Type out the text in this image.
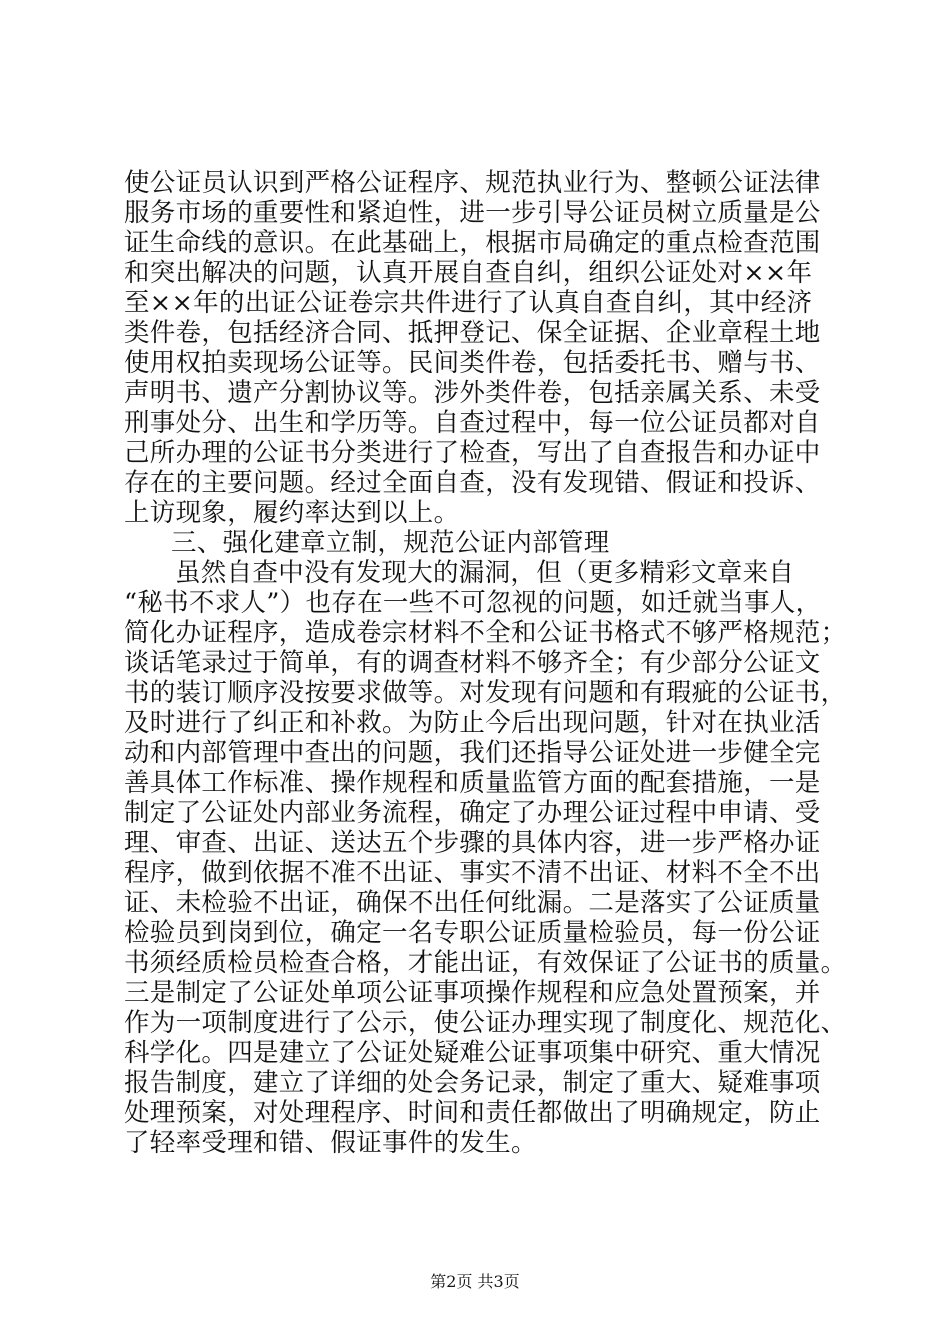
使公证员认识到严格公证程序、规范执业行为、整顿公证法律
服务市场的重要性和紧迫性，进一步引导公证员树立质量是公
证生命线的意识。在此基础上，根据市局确定的重点检查范围
和突出解决的问题，认真开展自查自纠，组织公证处对××年
至××年的出证公证卷宗共件进行了认真自查自纠，其中经济
类件卷，包括经济合同、抵押登记、保全证据、企业章程土地
使用权拍卖现场公证等。民间类件卷，包括委托书、赠与书、
声明书、遗产分割协议等。涉外类件卷，包括亲属关系、未受
刑事处分、出生和学历等。自查过程中，每一位公证员都对自
己所办理的公证书分类进行了检查，写出了自查报告和办证中
存在的主要问题。经过全面自查，没有发现错、假证和投诉、
上访现象，履约率达到以上。
三、强化建章立制，规范公证内部管理
虽然自查中没有发现大的漏洞，但（更多精彩文章来自
“秘书不求人”）也存在一些不可忽视的问题，如迁就当事人，
简化办证程序，造成卷宗材料不全和公证书格式不够严格规范；
谈话笔录过于简单，有的调查材料不够齐全；有少部分公证文
书的装订顺序没按要求做等。对发现有问题和有瑕疵的公证书，
及时进行了纠正和补救。为防止今后出现问题，针对在执业活
动和内部管理中查出的问题，我们还指导公证处进一步健全完
善具体工作标准、操作规程和质量监管方面的配套措施，一是
制定了公证处内部业务流程，确定了办理公证过程中申请、受
理、审查、出证、送达五个步骤的具体内容，进一步严格办证
程序，做到依据不准不出证、事实不清不出证、材料不全不出
证、未检验不出证，确保不出任何纰漏。二是落实了公证质量
检验员到岗到位，确定一名专职公证质量检验员，每一份公证
书须经质检员检查合格，才能出证，有效保证了公证书的质量。
三是制定了公证处单项公证事项操作规程和应急处置预案，并
作为一项制度进行了公示，使公证办理实现了制度化、规范化、
科学化。四是建立了公证处疑难公证事项集中研究、重大情况
报告制度，建立了详细的处会务记录，制定了重大、疑难事项
处理预案，对处理程序、时间和责任都做出了明确规定，防止
了轻率受理和错、假证事件的发生。
第2页 共3页
